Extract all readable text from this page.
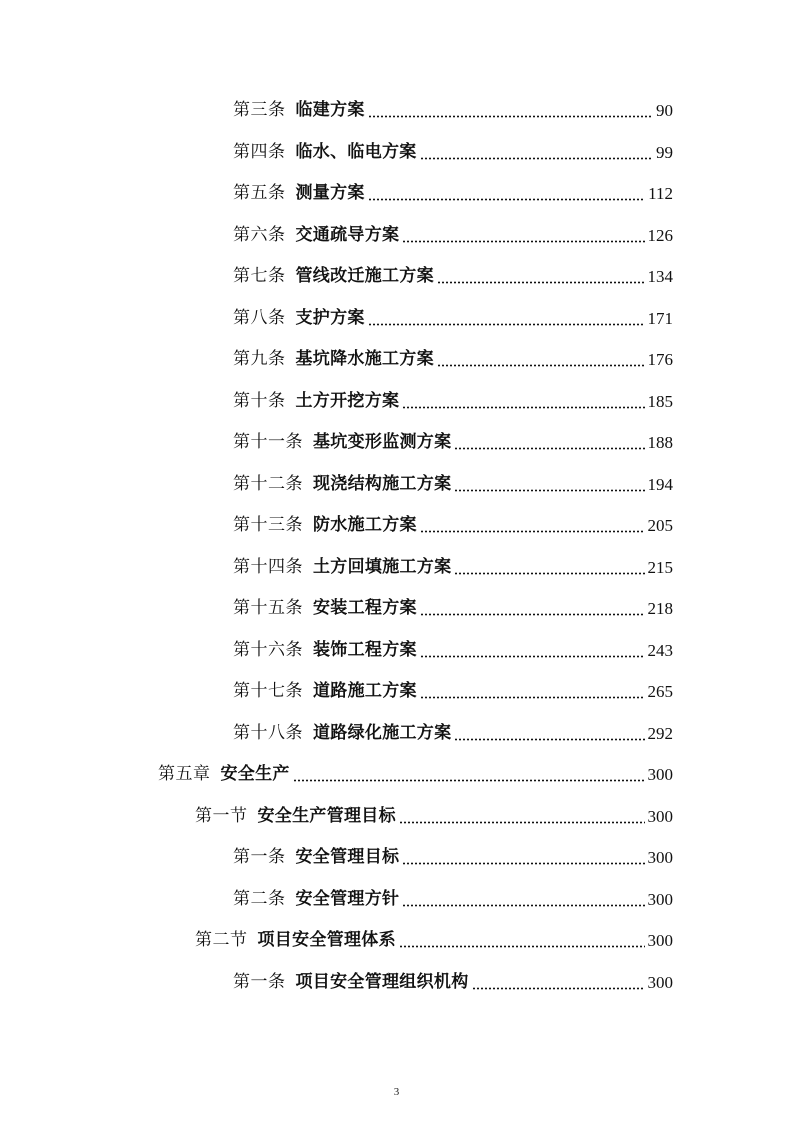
第三条 临建方案	90
第四条 临水、临电方案	99
第五条 测量方案	112
第六条 交通疏导方案	126
第七条 管线改迁施工方案	134
第八条 支护方案	171
第九条 基坑降水施工方案	176
第十条 土方开挖方案	185
第十一条 基坑变形监测方案	188
第十二条 现浇结构施工方案	194
第十三条 防水施工方案	205
第十四条 土方回填施工方案	215
第十五条 安装工程方案	218
第十六条 装饰工程方案	243
第十七条 道路施工方案	265
第十八条 道路绿化施工方案	292
第五章 安全生产	300
第一节 安全生产管理目标	300
第一条 安全管理目标	300
第二条 安全管理方针	300
第二节 项目安全管理体系	300
第一条 项目安全管理组织机构	300
3
